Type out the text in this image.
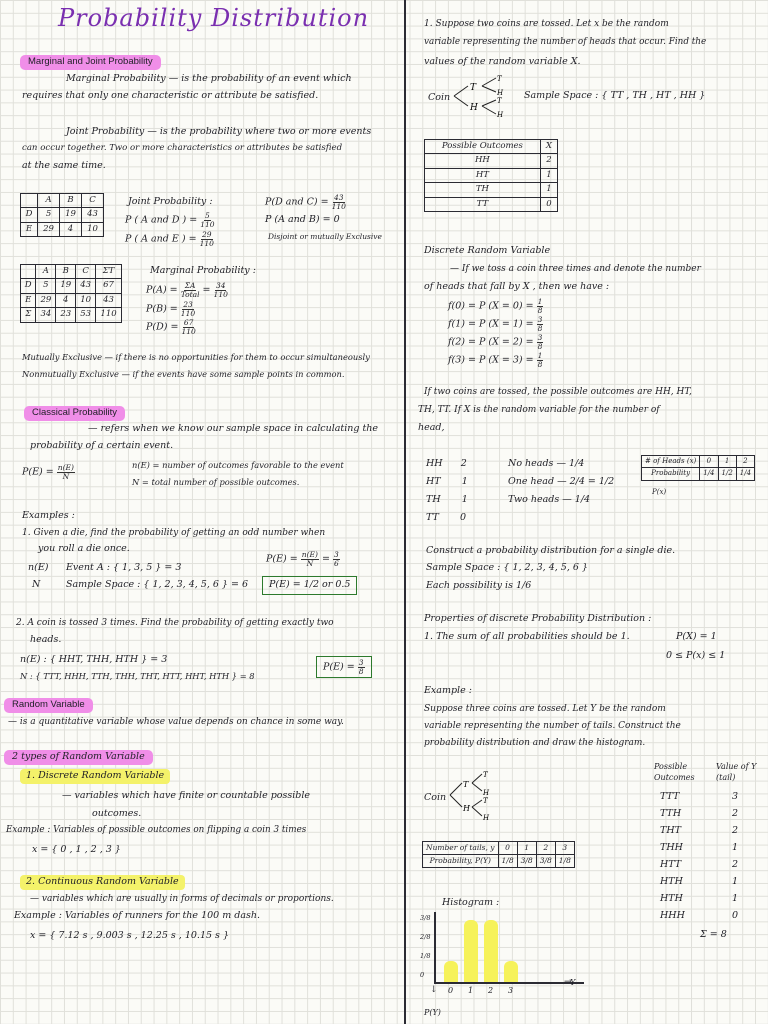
Probability Distribution
Marginal and Joint Probability
Marginal Probability — is the probability of an event which
requires that only one characteristic or attribute be satisfied.
Joint Probability — is the probability where two or more events
can occur together. Two or more characteristics or attributes be satisfied
at the same time.
	A	B	C
D	5	19	43
E	29	4	10
Joint Probability :
P ( A and D ) = $\frac{5}{110}$
P ( A and E ) = $\frac{29}{110}$
P(D and $C) = \frac{43}{110}$
P (A and B) = 0
Disjoint or mutually Exclusive
	A	B	C	ΣT
D	5	19	43	67
E	29	4	10	43
Σ	34	23	53	110
Marginal Probability :
$P(A) = \frac{\Sigma A}{\text{Total}} = \frac{34}{110}$
$P(B) = \frac{23}{110}$
$P(D) = \frac{67}{110}$
Mutually Exclusive — if there is no opportunities for them to occur simultaneously
Nonmutually Exclusive — if the events have some sample points in common.
Classical Probability
— refers when we know our sample space in calculating the
probability of a certain event.
$P(E) = \frac{n(E)}{N}$	n(E) = number of outcomes favorable to the event
N = total number of possible outcomes.
Examples :
1. Given a die, find the probability of getting an odd number when
you roll a die once.
n(E) Event A : { 1, 3, 5 } = 3
N	Sample Space : { 1, 2, 3, 4, 5, 6 } = 6
$P(E) = \frac{n(E)}{N} = \frac{3}{6}$
P(E) = 1/2 or 0.5
2. A coin is tossed 3 times. Find the probability of getting exactly two
heads.
n(E) : { HHT, THH, HTH } = 3
N : { TTT, HHH, TTH, THH, THT, HTT, HHT, HTH } = 8
$P(E) = \frac{3}{8}$
Random Variable
— is a quantitative variable whose value depends on chance in some way.
2 types of Random Variable
1. Discrete Random Variable
— variables which have finite or countable possible
outcomes.
Example : Variables of possible outcomes on flipping a coin 3 times
x = { 0 , 1 , 2 , 3 }
2. Continuous Random Variable
— variables which are usually in forms of decimals or proportions.
Example : Variables of runners for the 100 m dash.
x = { 7.12 s , 9.003 s , 12.25 s , 10.15 s }
1. Suppose two coins are tossed. Let x be the random
variable representing the number of heads that occur. Find the
values of the random variable X.
Coin
T
H
T
H
T
H
Sample Space : { TT , TH , HT , HH }
Possible Outcomes	X
HH	2
HT	1
TH	1
TT	0
Discrete Random Variable
— If we toss a coin three times and denote the number
of heads that fall by X , then we have :
f(0) = P $(X = 0) = \frac{1}{8}$
f(1) = P $(X = 1) = \frac{3}{8}$
f(2) = P $(X = 2) = \frac{3}{8}$
f(3) = P $(X = 3) = \frac{1}{8}$
If two coins are tossed, the possible outcomes are HH, HT,
TH, TT. If X is the random variable for the number of
head,
HH 2
HT 1
TH 1
TT 0
No heads — 1/4
One head — 2/4 = 1/2
Two heads — 1/4
# of Heads (x)	0	1	2
Probability	1/4	1/2	1/4
P(x)
Construct a probability distribution for a single die.
Sample Space : { 1, 2, 3, 4, 5, 6 }
Each possibility is 1/6
Properties of discrete Probability Distribution :
1. The sum of all probabilities should be 1.	P(X) = 1
0 ≤ P(x) ≤ 1
Example :
Suppose three coins are tossed. Let Y be the random
variable representing the number of tails. Construct the
probability distribution and draw the histogram.
Possible Outcomes
Value of Y (tail)
TTT	3
TTH	2
THT	2
THH	1
HTT	2
HTH	1
HTH	1
HHH	0
Σ = 8
Coin
T
H
T
H
T
H
Number of tails, y	0	1	2	3
Probability, P(Y)	1/8	3/8	3/8	1/8
Histogram :
→
Y
↓
P(Y)
0 1 2 3
3/8
2/8
1/8
0
